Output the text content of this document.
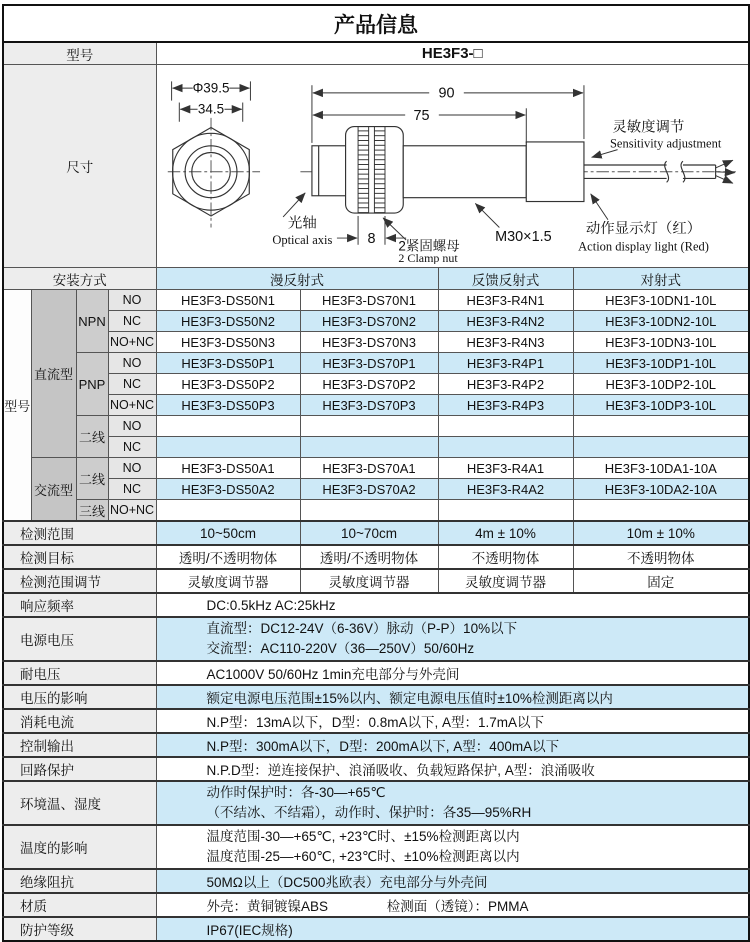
产品信息							
型号				HE3F3-□			
尺寸	
Φ39.5
34.5
90
75
8	M30×1.5
光轴
Optical axis	2紧固螺母
2 Clamp nut
灵敏度调节
Sensitivity adjustment
动作显示灯（红）
Action display light (Red)

安装方式				漫反射式		反馈反射式	对射式
型号	直流型	NPN	NO	HE3F3-DS50N1	HE3F3-DS70N1	HE3F3-R4N1	HE3F3-10DN1-10L
			NC	HE3F3-DS50N2	HE3F3-DS70N2	HE3F3-R4N2	HE3F3-10DN2-10L
			NO+NC	HE3F3-DS50N3	HE3F3-DS70N3	HE3F3-R4N3	HE3F3-10DN3-10L
		PNP	NO	HE3F3-DS50P1	HE3F3-DS70P1	HE3F3-R4P1	HE3F3-10DP1-10L
			NC	HE3F3-DS50P2	HE3F3-DS70P2	HE3F3-R4P2	HE3F3-10DP2-10L
			NO+NC	HE3F3-DS50P3	HE3F3-DS70P3	HE3F3-R4P3	HE3F3-10DP3-10L
		二线	NO				
			NC				
	交流型	二线	NO	HE3F3-DS50A1	HE3F3-DS70A1	HE3F3-R4A1	HE3F3-10DA1-10A
			NC	HE3F3-DS50A2	HE3F3-DS70A2	HE3F3-R4A2	HE3F3-10DA2-10A
		三线	NO+NC				
检测范围				10~50cm	10~70cm	4m ± 10%	10m ± 10%
检测目标				透明/不透明物体	透明/不透明物体	不透明物体	不透明物体
检测范围调节				灵敏度调节器	灵敏度调节器	灵敏度调节器	固定
响应频率				DC:0.5kHz AC:25kHz			
电源电压				直流型：DC12-24V（6-36V）脉动（P-P）10%以下
交流型：AC110-220V（36—250V）50/60Hz			

耐电压				AC1000V 50/60Hz 1min充电部分与外壳间			
电压的影响				额定电源电压范围±15%以内、额定电源电压值时±10%检测距离以内			
消耗电流				N.P型：13mA以下，D型：0.8mA以下, A型：1.7mA以下			
控制输出				N.P型：300mA以下，D型：200mA以下, A型：400mA以下			
回路保护				N.P.D型：逆连接保护、浪涌吸收、负载短路保护, A型：浪涌吸收			
环境温、湿度				动作时保护时：各-30—+65℃
（不结冰、不结霜），动作时、保护时：各35—95%RH			

温度的影响				温度范围-30—+65℃, +23℃时、±15%检测距离以内
温度范围-25—+60℃, +23℃时、±10%检测距离以内			

绝缘阻抗				50MΩ以上（DC500兆欧表）充电部分与外壳间			
材质				外壳：黄铜镀镍ABS 检测面（透镜）：PMMA			
防护等级				IP67(IEC规格)			
